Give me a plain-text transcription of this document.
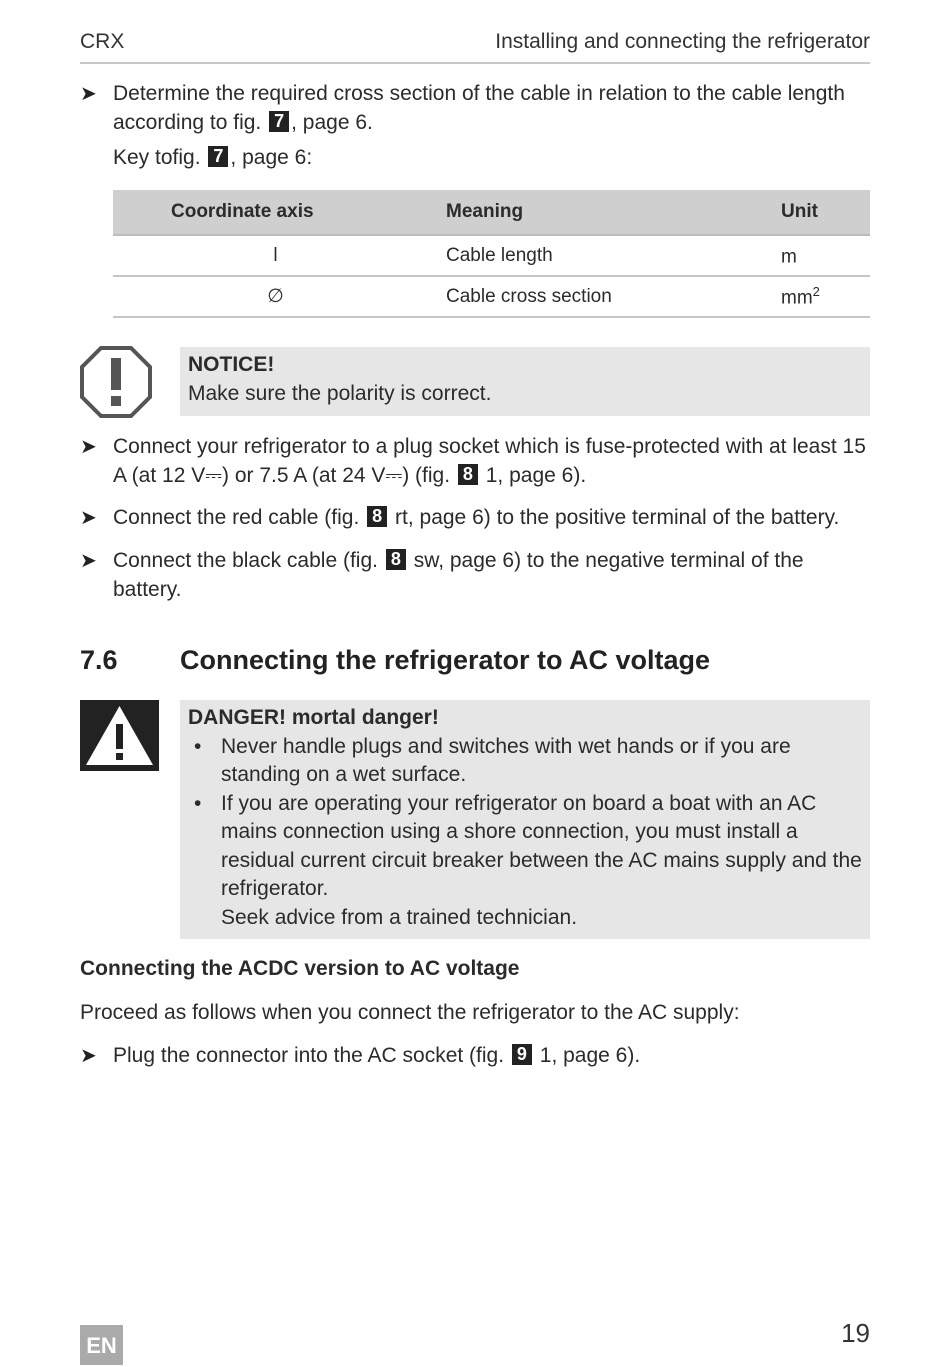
CRX	Installing and connecting the refrigerator
➤ Determine the required cross section of the cable in relation to the cable length according to fig. 7 , page 6.
Key tofig. 7 , page 6:
Coordinate axis	Meaning	Unit
l	Cable length	m
∅	Cable cross section	$mm^2$
NOTICE!
Make sure the polarity is correct.
➤ Connect your refrigerator to a plug socket which is fuse-protected with at least 15 A (at 12 V⎓) or 7.5 A (at 24 V⎓) (fig. 8 1, page 6).
➤ Connect the red cable (fig. 8 rt, page 6) to the positive terminal of the battery.
➤ Connect the black cable (fig. 8 sw, page 6) to the negative terminal of the battery.
7.6 Connecting the refrigerator to AC voltage
DANGER! mortal danger!
• Never handle plugs and switches with wet hands or if you are standing on a wet surface.
• If you are operating your refrigerator on board a boat with an AC mains connection using a shore connection, you must install a residual current circuit breaker between the AC mains supply and the refrigerator.
Seek advice from a trained technician.
Connecting the ACDC version to AC voltage
Proceed as follows when you connect the refrigerator to the AC supply:
➤ Plug the connector into the AC socket (fig. 9 1, page 6).
EN	19
